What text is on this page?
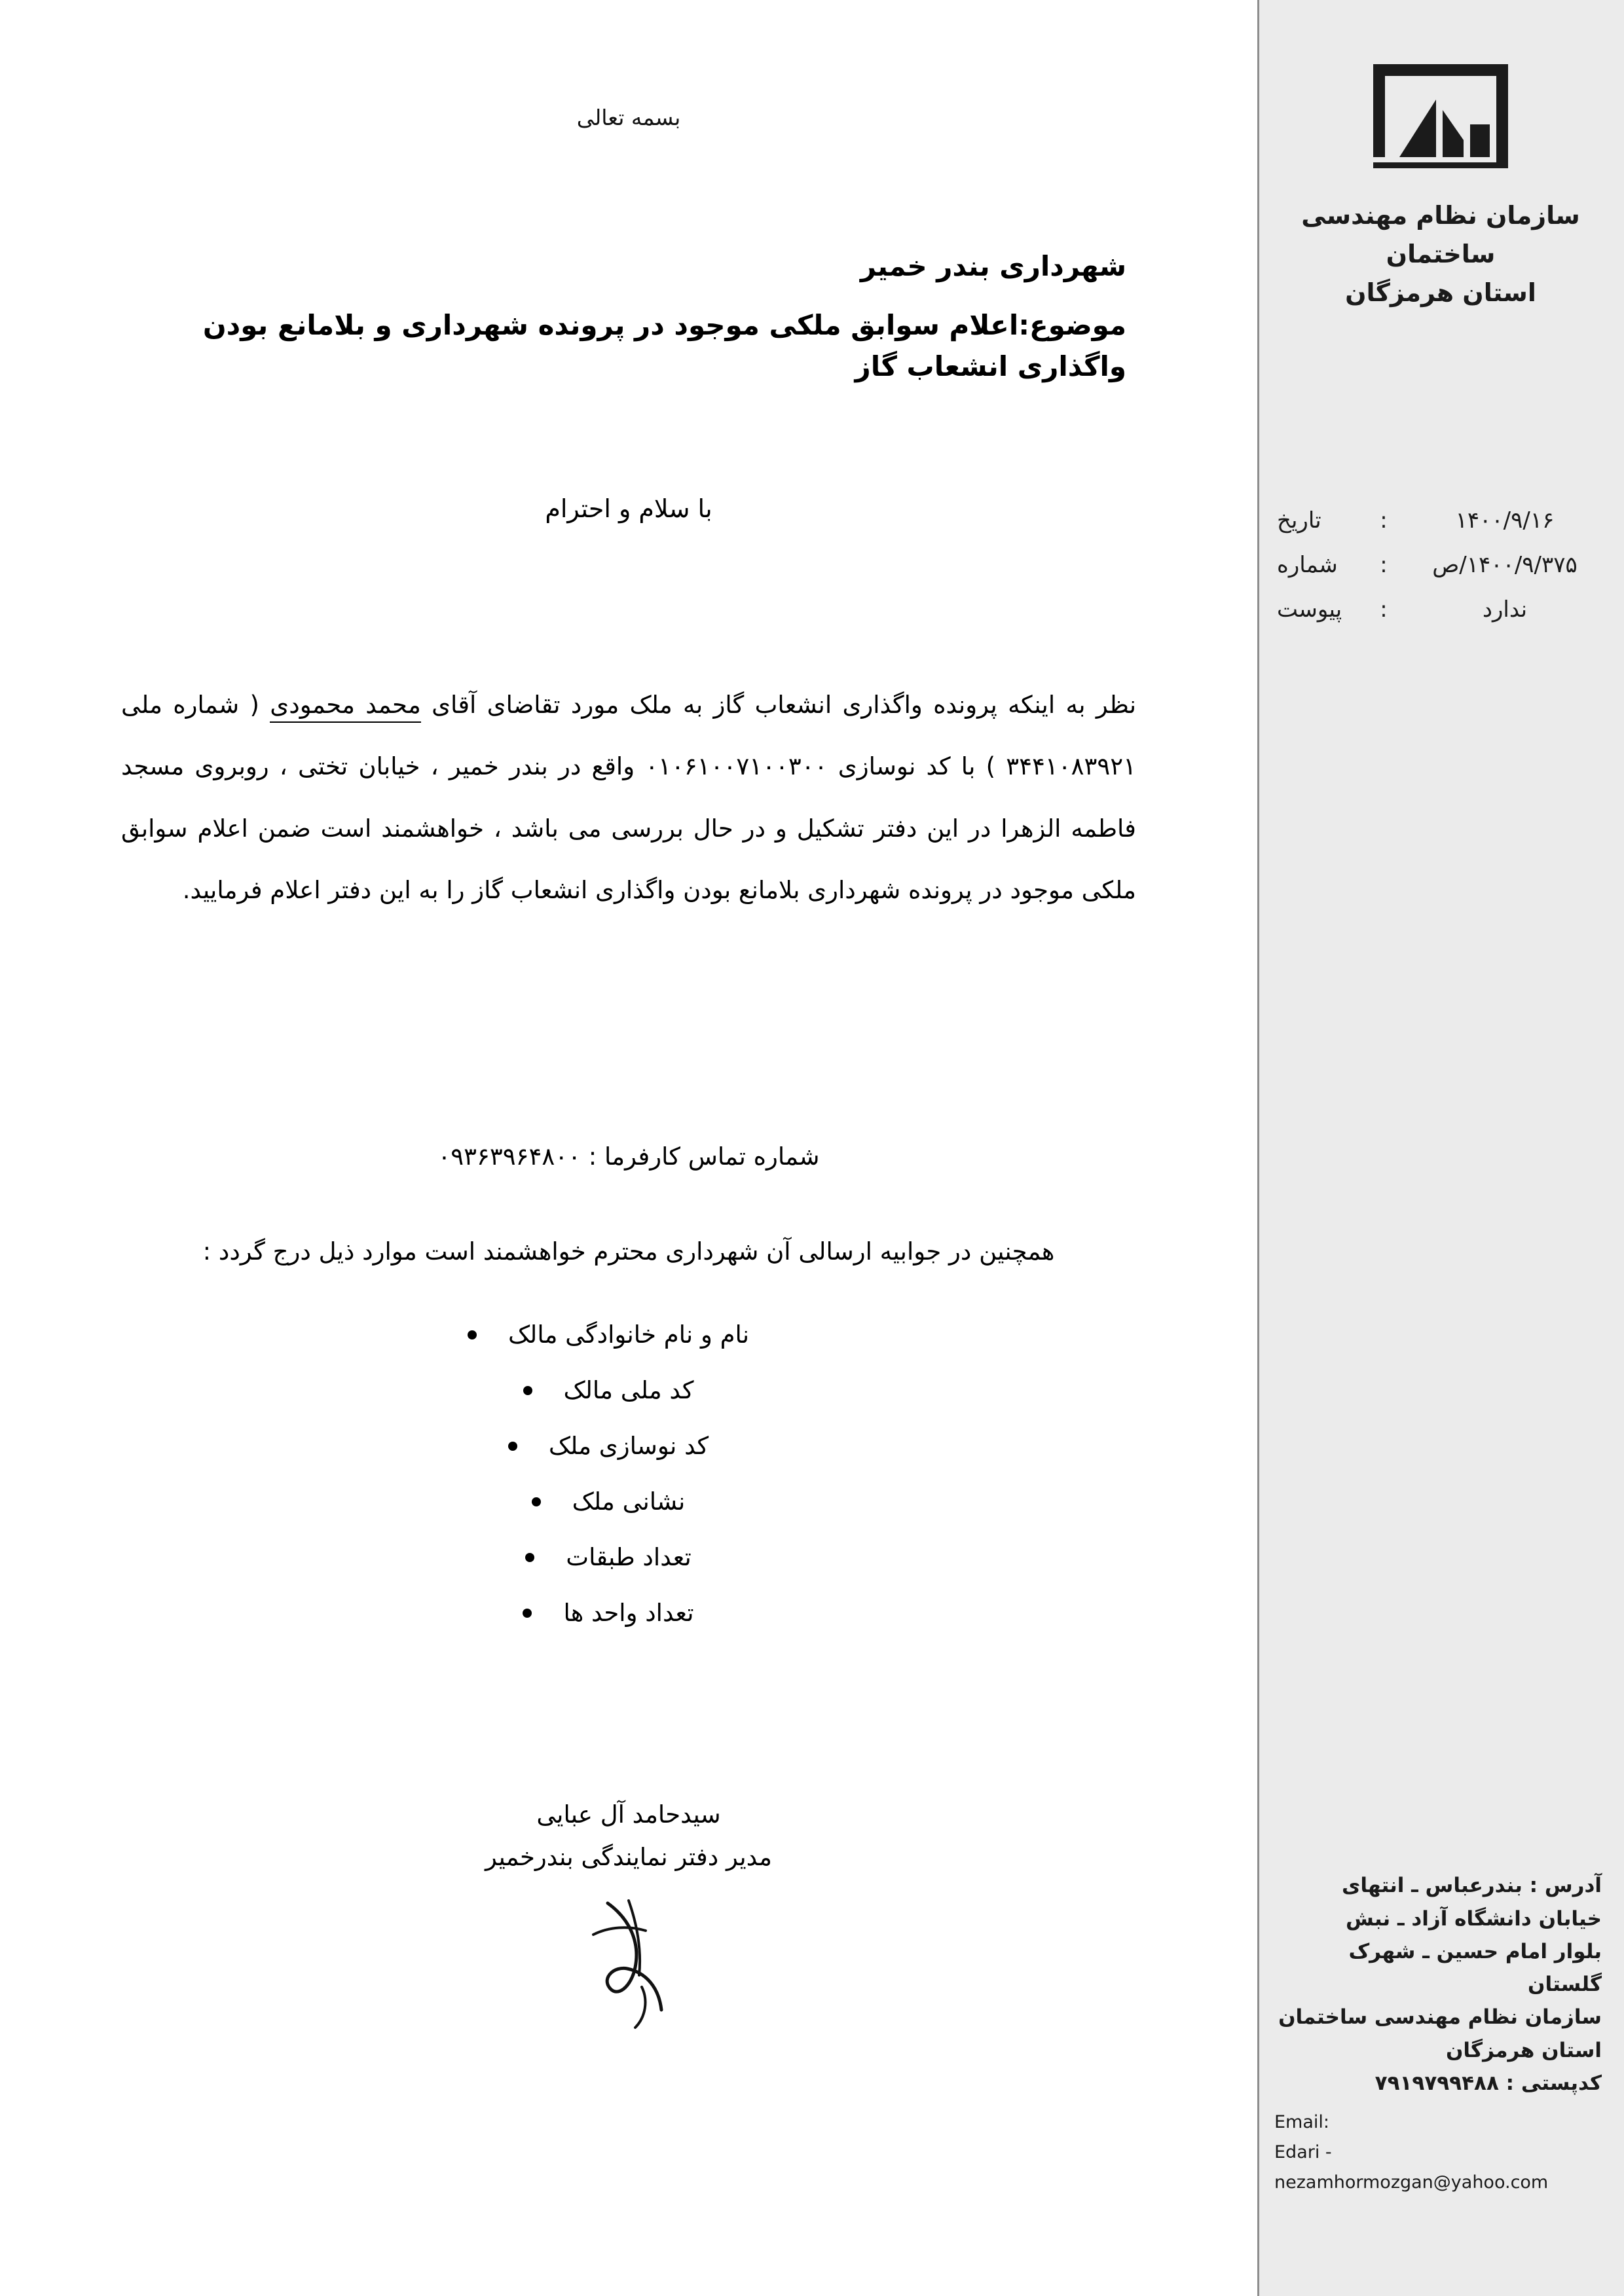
بسمه تعالی
شهرداری بندر خمیر
موضوع:اعلام سوابق ملکی موجود در پرونده شهرداری و بلامانع بودن واگذاری انشعاب گاز
با سلام و احترام
نظر به اینکه پرونده واگذاری انشعاب گاز به ملک مورد تقاضای آقای محمد محمودی ( شماره ملی ۳۴۴۱۰۸۳۹۲۱ ) با کد نوسازی ۰۱۰۶۱۰۰۷۱۰۰۳۰۰ واقع در بندر خمیر ، خیابان تختی ، روبروی مسجد فاطمه الزهرا در این دفتر تشکیل و در حال بررسی می باشد ، خواهشمند است ضمن اعلام سوابق ملکی موجود در پرونده شهرداری بلامانع بودن واگذاری انشعاب گاز را به این دفتر اعلام فرمایید.
شماره تماس کارفرما : ۰۹۳۶۳۹۶۴۸۰۰
همچنین در جوابیه ارسالی آن شهرداری محترم خواهشمند است موارد ذیل درج گردد :
نام و نام خانوادگی مالک
کد ملی مالک
کد نوسازی ملک
نشانی ملک
تعداد طبقات
تعداد واحد ها
سیدحامد آل عبایی
مدیر دفتر نمایندگی بندرخمیر
سازمان نظام مهندسی ساختمان
استان هرمزگان
۱۴۰۰/۹/۱۶
:
تاریخ
۱۴۰۰/۹/۳۷۵/ص
:
شماره
ندارد
:
پیوست
آدرس : بندرعباس ـ انتهای
خیابان دانشگاه آزاد ـ نبش
بلوار امام حسین ـ شهرک
گلستان
سازمان نظام مهندسی ساختمان
استان هرمزگان
کدپستی : ۷۹۱۹۷۹۹۴۸۸
Email:
Edari - nezamhormozgan@yahoo.com
